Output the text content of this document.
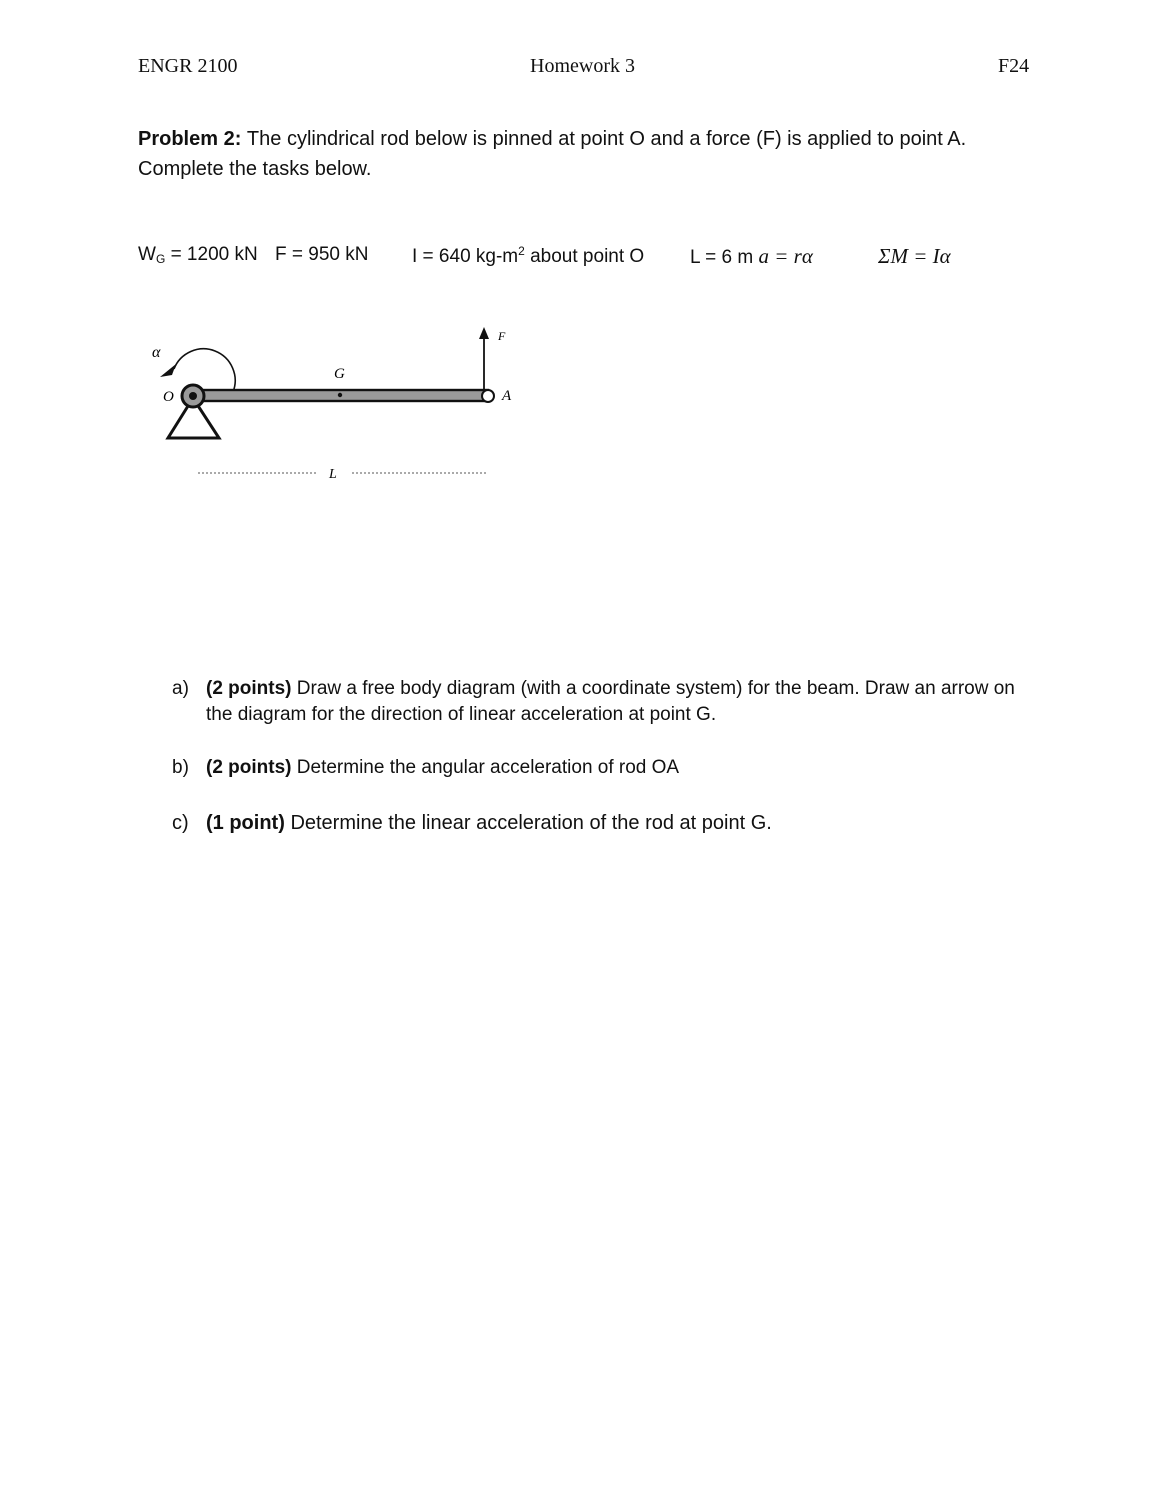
ENGR 2100	Homework 3	F24
Problem 2: The cylindrical rod below is pinned at point O and a force (F) is applied to point A.
Complete the tasks below.
$W_G = 1200$ kN F = 950 kN I = 640 $kg-m^2$ about point O L = 6 m a = rα	ΣM = Iα
α
O
G
A
F
L
a) (2 points) Draw a free body diagram (with a coordinate system) for the beam. Draw an arrow on
the diagram for the direction of linear acceleration at point G.
b) (2 points) Determine the angular acceleration of rod OA
c) (1 point) Determine the linear acceleration of the rod at point G.
